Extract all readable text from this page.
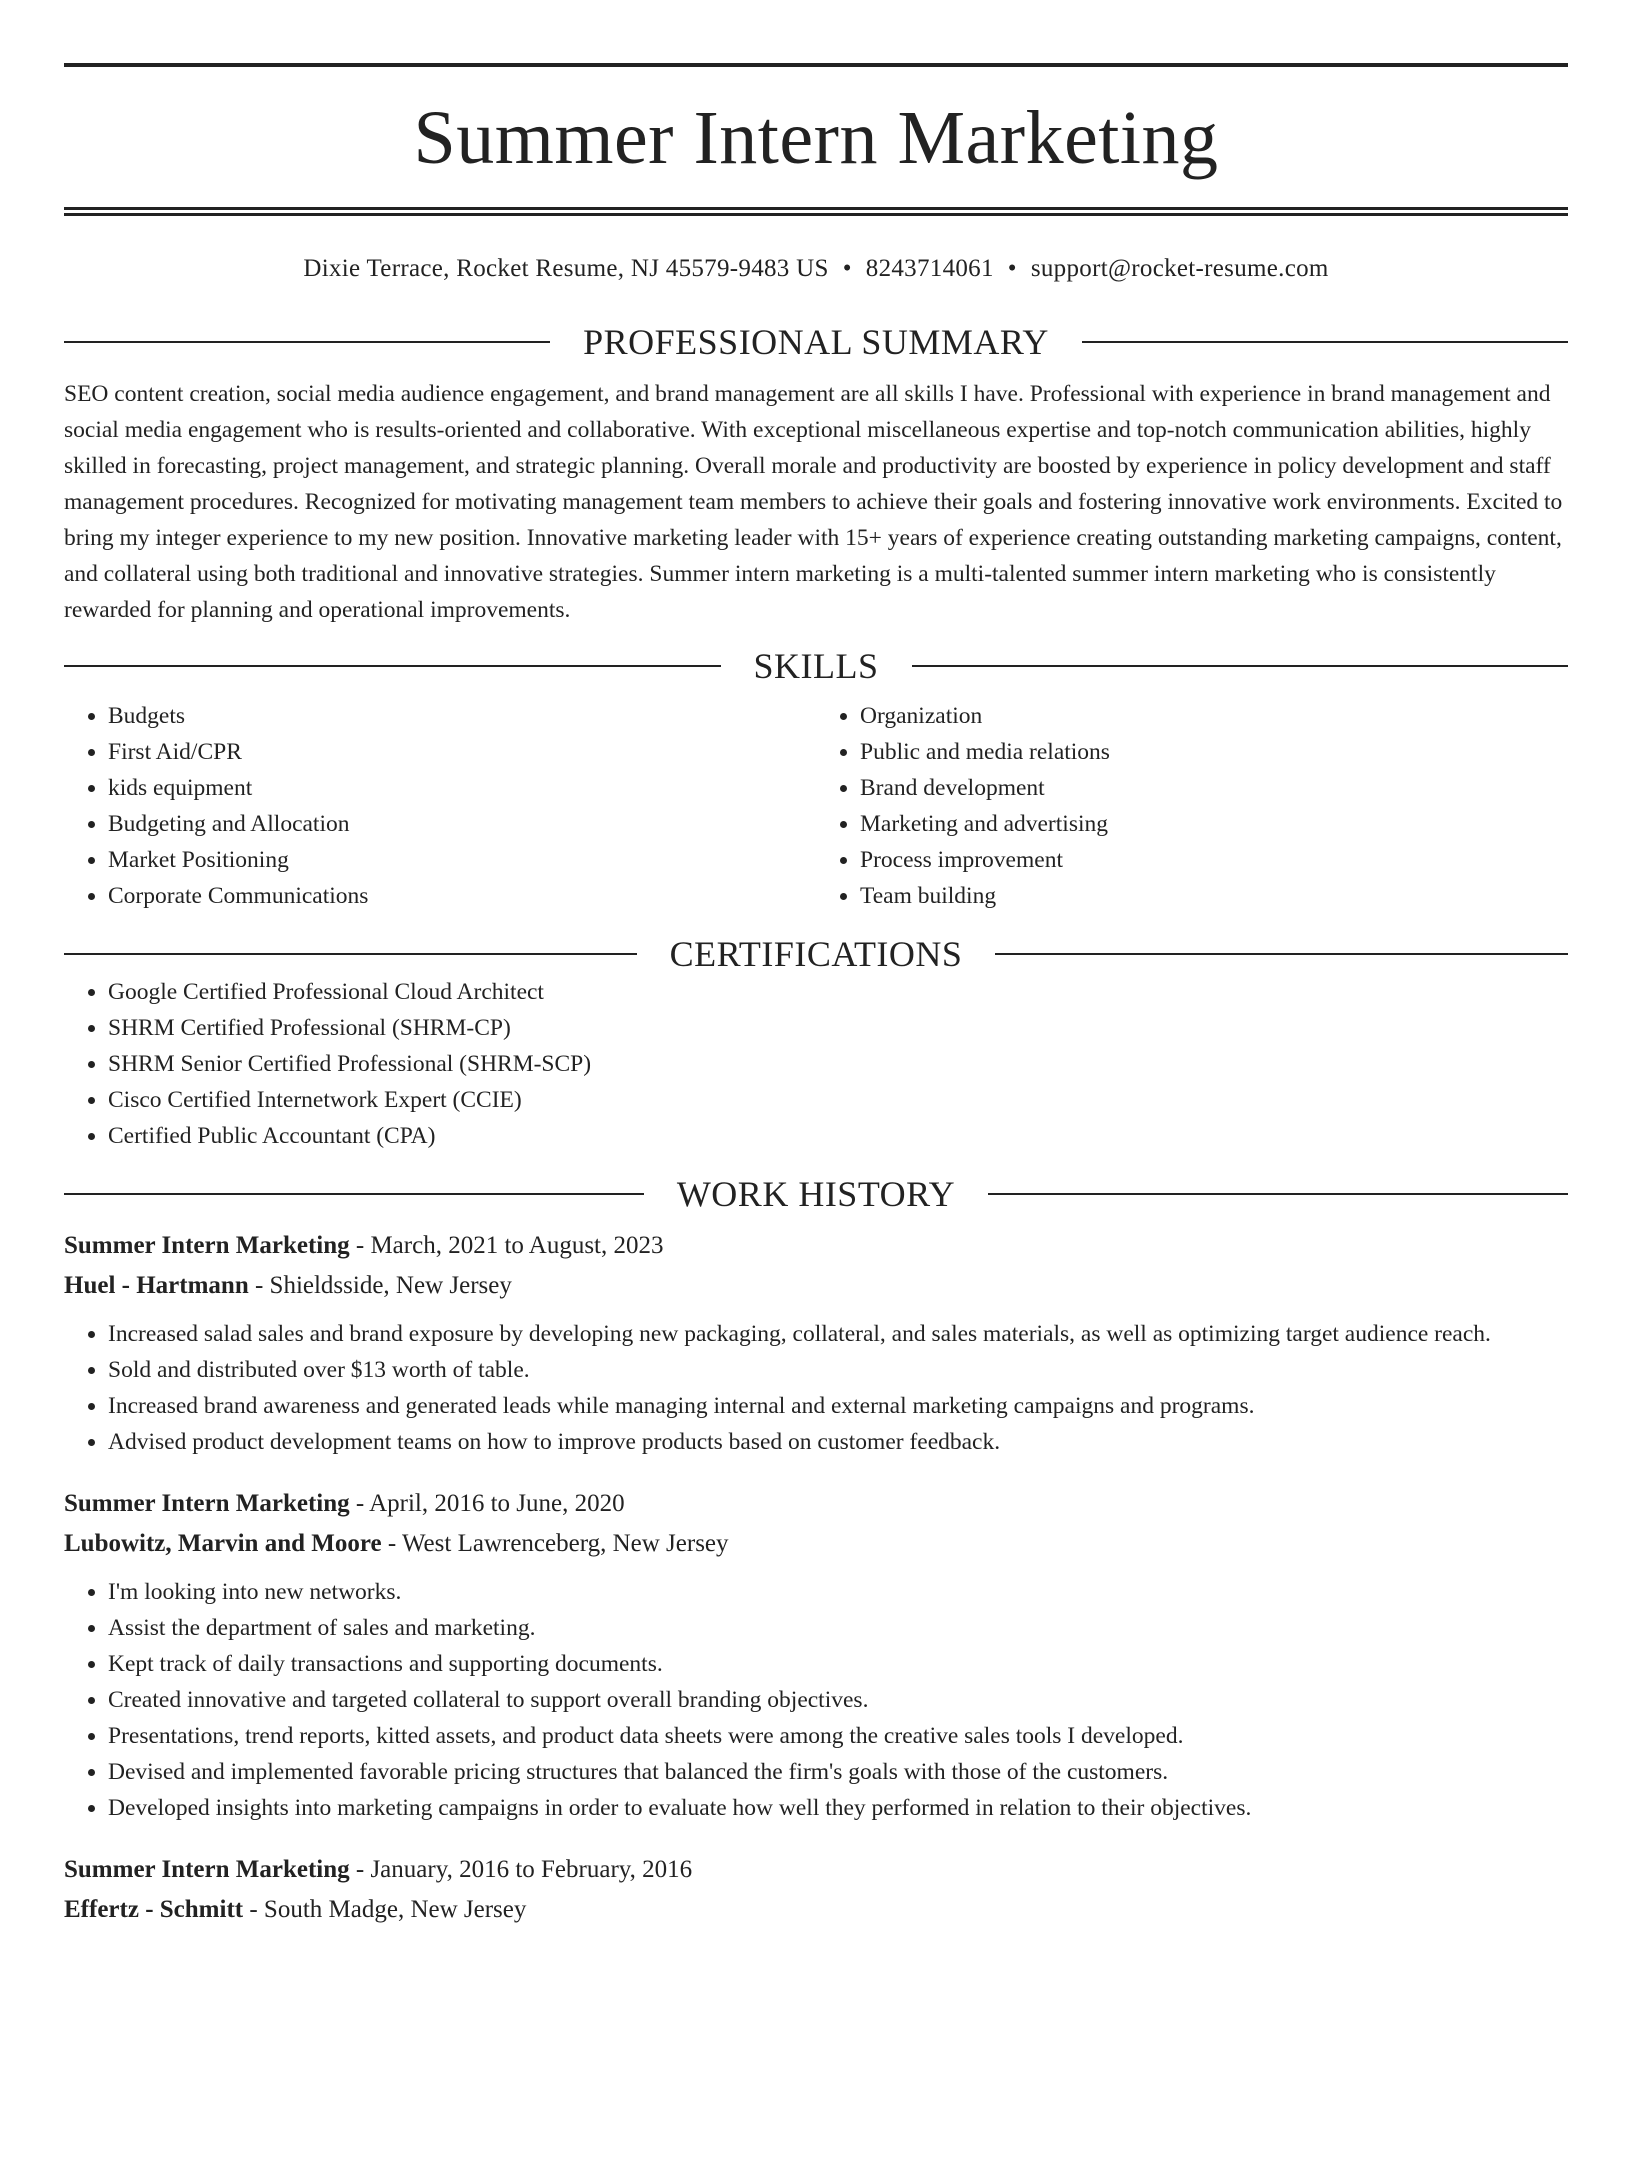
Summer Intern Marketing
Dixie Terrace, Rocket Resume, NJ 45579-9483 US • 8243714061 • support@rocket-resume.com
PROFESSIONAL SUMMARY
SEO content creation, social media audience engagement, and brand management are all skills I have. Professional with experience in brand management and social media engagement who is results-oriented and collaborative. With exceptional miscellaneous expertise and top-notch communication abilities, highly skilled in forecasting, project management, and strategic planning. Overall morale and productivity are boosted by experience in policy development and staff management procedures. Recognized for motivating management team members to achieve their goals and fostering innovative work environments. Excited to bring my integer experience to my new position. Innovative marketing leader with 15+ years of experience creating outstanding marketing campaigns, content, and collateral using both traditional and innovative strategies. Summer intern marketing is a multi-talented summer intern marketing who is consistently rewarded for planning and operational improvements.
SKILLS
• Budgets
• First Aid/CPR
• kids equipment
• Budgeting and Allocation
• Market Positioning
• Corporate Communications
• Organization
• Public and media relations
• Brand development
• Marketing and advertising
• Process improvement
• Team building
CERTIFICATIONS
• Google Certified Professional Cloud Architect
• SHRM Certified Professional (SHRM-CP)
• SHRM Senior Certified Professional (SHRM-SCP)
• Cisco Certified Internetwork Expert (CCIE)
• Certified Public Accountant (CPA)
WORK HISTORY
Summer Intern Marketing - March, 2021 to August, 2023
Huel - Hartmann - Shieldsside, New Jersey
• Increased salad sales and brand exposure by developing new packaging, collateral, and sales materials, as well as optimizing target audience reach.
• Sold and distributed over $13 worth of table.
• Increased brand awareness and generated leads while managing internal and external marketing campaigns and programs.
• Advised product development teams on how to improve products based on customer feedback.
Summer Intern Marketing - April, 2016 to June, 2020
Lubowitz, Marvin and Moore - West Lawrenceberg, New Jersey
• I'm looking into new networks.
• Assist the department of sales and marketing.
• Kept track of daily transactions and supporting documents.
• Created innovative and targeted collateral to support overall branding objectives.
• Presentations, trend reports, kitted assets, and product data sheets were among the creative sales tools I developed.
• Devised and implemented favorable pricing structures that balanced the firm's goals with those of the customers.
• Developed insights into marketing campaigns in order to evaluate how well they performed in relation to their objectives.
Summer Intern Marketing - January, 2016 to February, 2016
Effertz - Schmitt - South Madge, New Jersey
